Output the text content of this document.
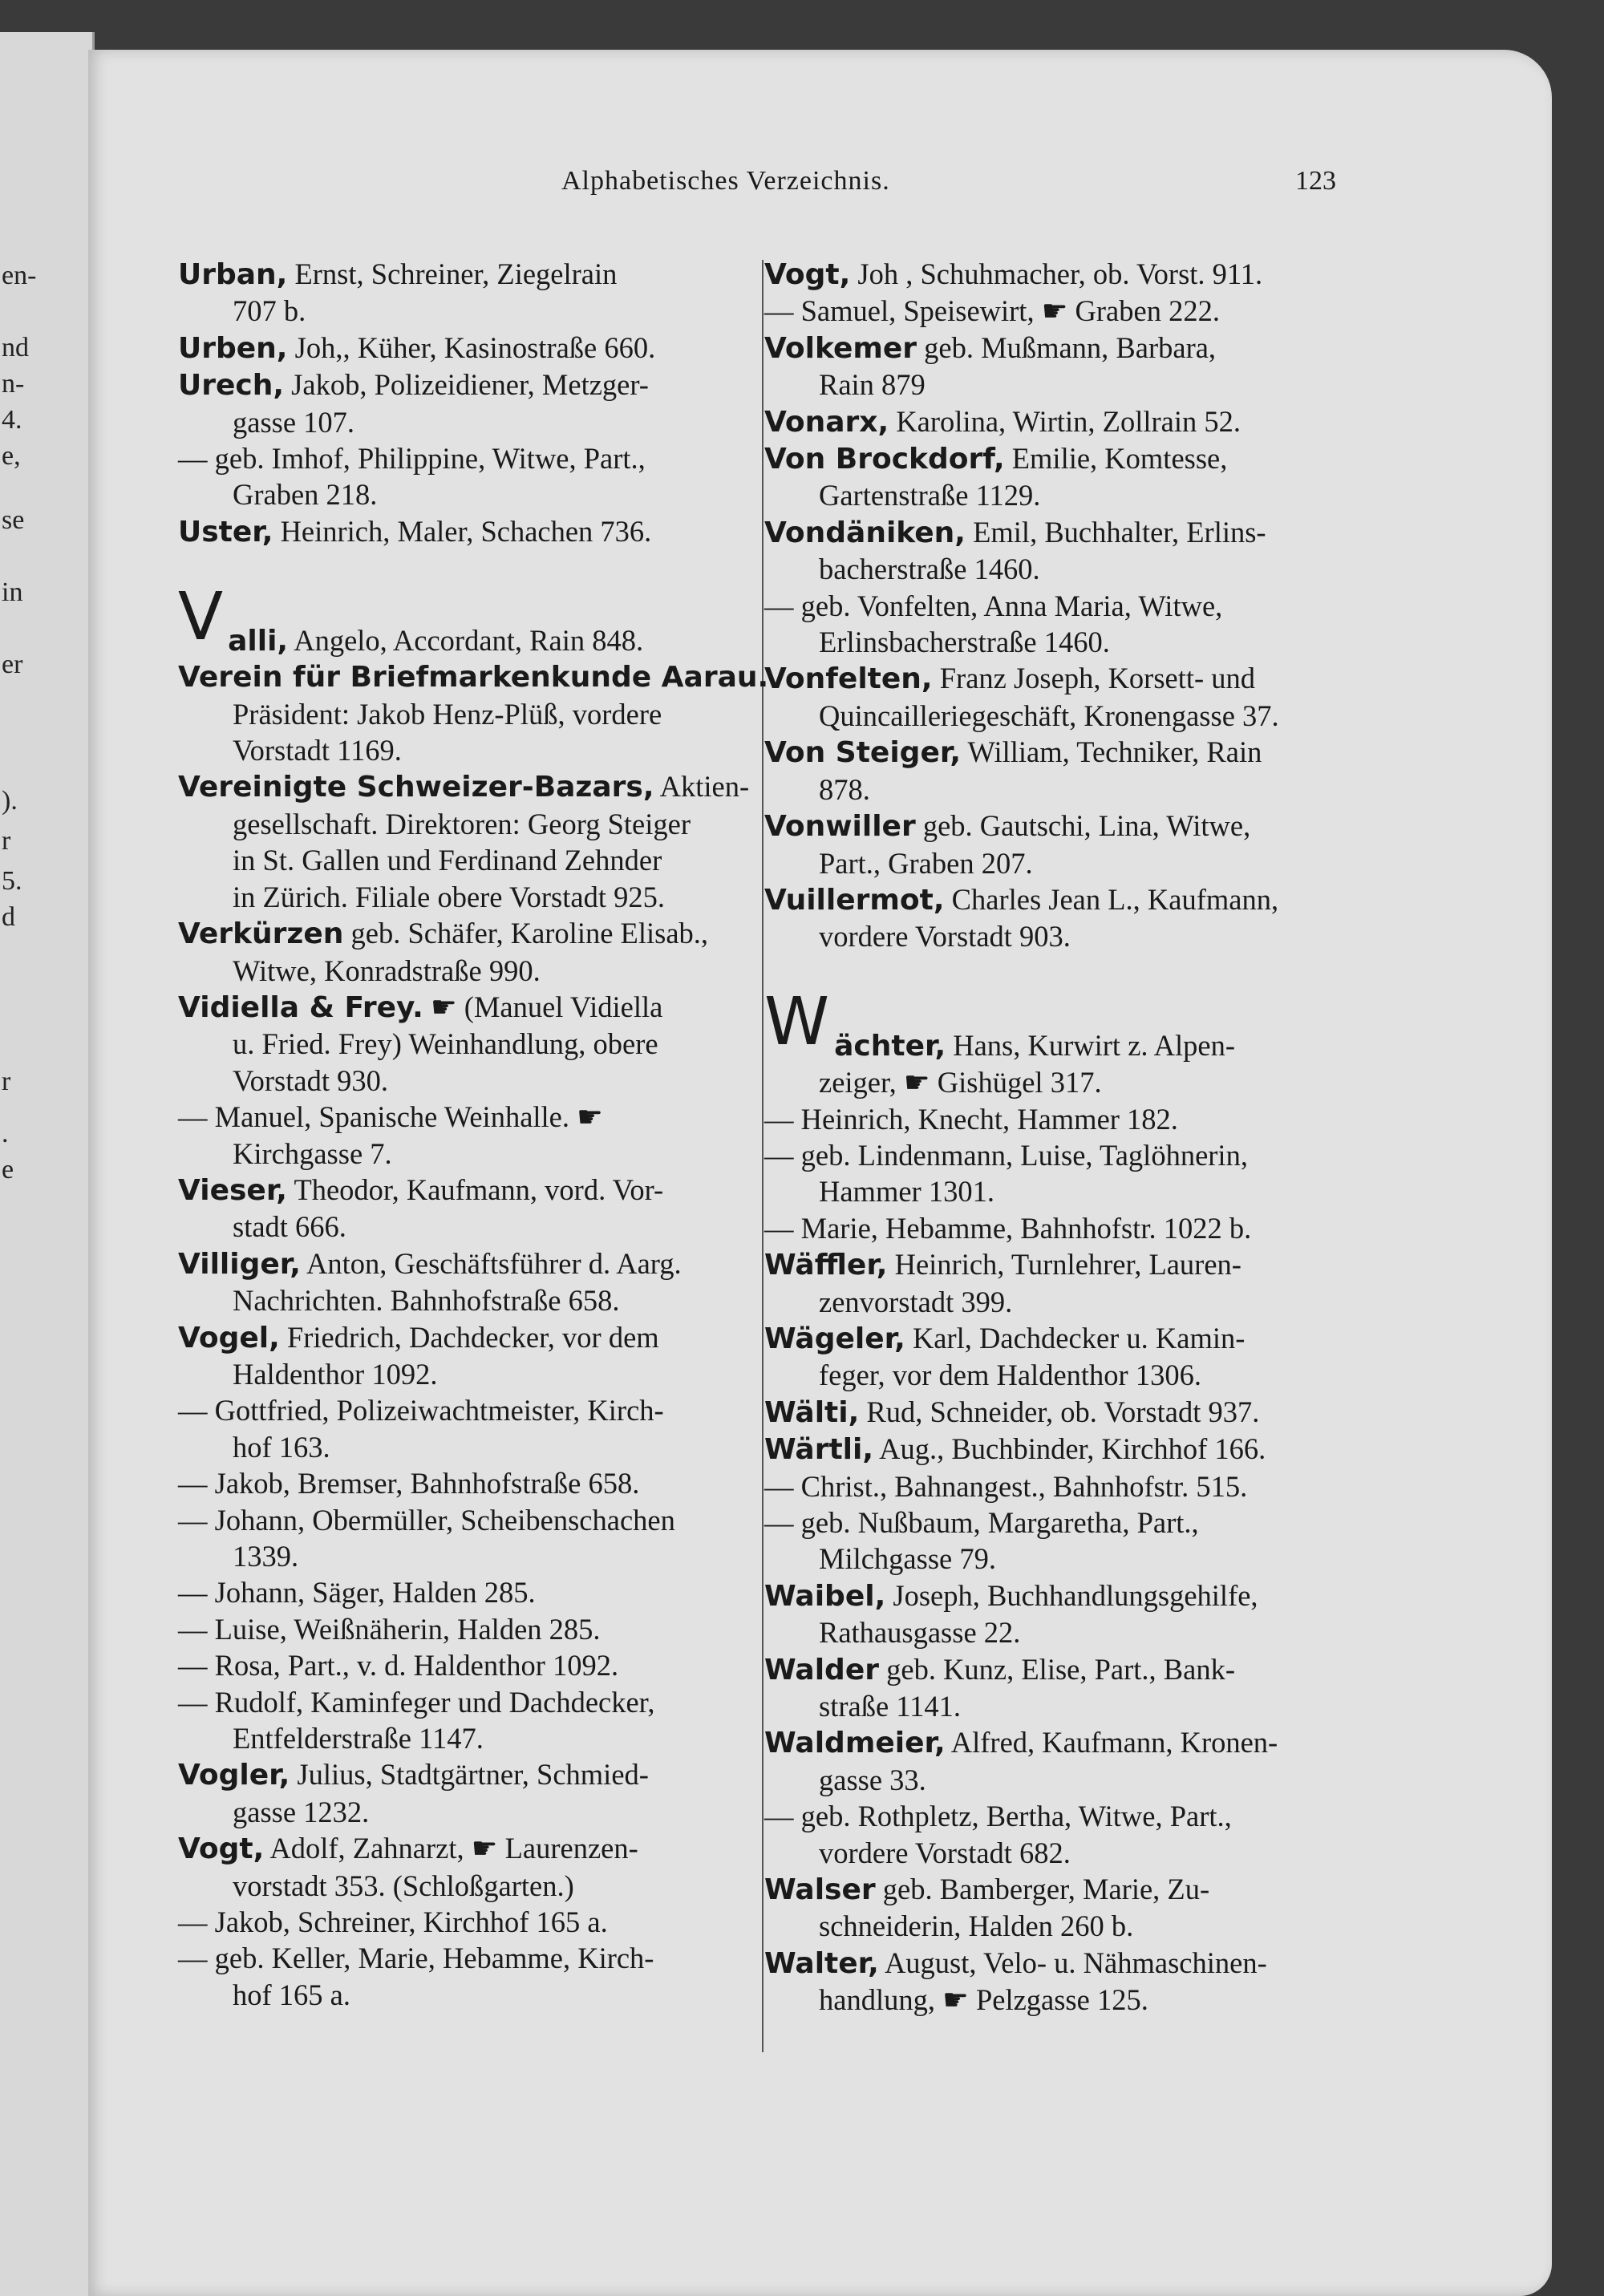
en-
nd
n-
4.
e,
se
in
er
).
r
5.
d
r
.
e
Alphabetisches Verzeichnis.	123
Urban, Ernst, Schreiner, Ziegelrain
707 b.
Urben, Joh,, Küher, Kasinostraße 660.
Urech, Jakob, Polizeidiener, Metzger-
gasse 107.
— geb. Imhof, Philippine, Witwe, Part.,
Graben 218.
Uster, Heinrich, Maler, Schachen 736.
V alli, Angelo, Accordant, Rain 848.
Verein für Briefmarkenkunde Aarau.
Präsident: Jakob Henz-Plüß, vordere
Vorstadt 1169.
Vereinigte Schweizer-Bazars, Aktien-
gesellschaft. Direktoren: Georg Steiger
in St. Gallen und Ferdinand Zehnder
in Zürich. Filiale obere Vorstadt 925.
Verkürzen geb. Schäfer, Karoline Elisab.,
Witwe, Konradstraße 990.
Vidiella & Frey. ☛ (Manuel Vidiella
u. Fried. Frey) Weinhandlung, obere
Vorstadt 930.
— Manuel, Spanische Weinhalle. ☛
Kirchgasse 7.
Vieser, Theodor, Kaufmann, vord. Vor-
stadt 666.
Villiger, Anton, Geschäftsführer d. Aarg.
Nachrichten. Bahnhofstraße 658.
Vogel, Friedrich, Dachdecker, vor dem
Haldenthor 1092.
— Gottfried, Polizeiwachtmeister, Kirch-
hof 163.
— Jakob, Bremser, Bahnhofstraße 658.
— Johann, Obermüller, Scheibenschachen
1339.
— Johann, Säger, Halden 285.
— Luise, Weißnäherin, Halden 285.
— Rosa, Part., v. d. Haldenthor 1092.
— Rudolf, Kaminfeger und Dachdecker,
Entfelderstraße 1147.
Vogler, Julius, Stadtgärtner, Schmied-
gasse 1232.
Vogt, Adolf, Zahnarzt, ☛ Laurenzen-
vorstadt 353. (Schloßgarten.)
— Jakob, Schreiner, Kirchhof 165 a.
— geb. Keller, Marie, Hebamme, Kirch-
hof 165 a.
Vogt, Joh , Schuhmacher, ob. Vorst. 911.
— Samuel, Speisewirt, ☛ Graben 222.
Volkemer geb. Mußmann, Barbara,
Rain 879
Vonarx, Karolina, Wirtin, Zollrain 52.
Von Brockdorf, Emilie, Komtesse,
Gartenstraße 1129.
Vondäniken, Emil, Buchhalter, Erlins-
bacherstraße 1460.
— geb. Vonfelten, Anna Maria, Witwe,
Erlinsbacherstraße 1460.
Vonfelten, Franz Joseph, Korsett- und
Quincailleriegeschäft, Kronengasse 37.
Von Steiger, William, Techniker, Rain
878.
Vonwiller geb. Gautschi, Lina, Witwe,
Part., Graben 207.
Vuillermot, Charles Jean L., Kaufmann,
vordere Vorstadt 903.
W ächter, Hans, Kurwirt z. Alpen-
zeiger, ☛ Gishügel 317.
— Heinrich, Knecht, Hammer 182.
— geb. Lindenmann, Luise, Taglöhnerin,
Hammer 1301.
— Marie, Hebamme, Bahnhofstr. 1022 b.
Wäffler, Heinrich, Turnlehrer, Lauren-
zenvorstadt 399.
Wägeler, Karl, Dachdecker u. Kamin-
feger, vor dem Haldenthor 1306.
Wälti, Rud, Schneider, ob. Vorstadt 937.
Wärtli, Aug., Buchbinder, Kirchhof 166.
— Christ., Bahnangest., Bahnhofstr. 515.
— geb. Nußbaum, Margaretha, Part.,
Milchgasse 79.
Waibel, Joseph, Buchhandlungsgehilfe,
Rathausgasse 22.
Walder geb. Kunz, Elise, Part., Bank-
straße 1141.
Waldmeier, Alfred, Kaufmann, Kronen-
gasse 33.
— geb. Rothpletz, Bertha, Witwe, Part.,
vordere Vorstadt 682.
Walser geb. Bamberger, Marie, Zu-
schneiderin, Halden 260 b.
Walter, August, Velo- u. Nähmaschinen-
handlung, ☛ Pelzgasse 125.
